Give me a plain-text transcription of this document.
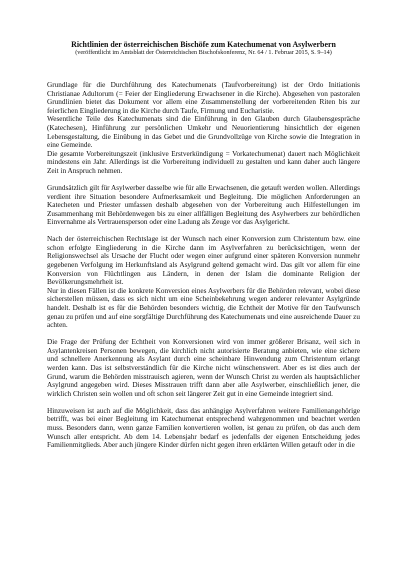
Richtlinien der österreichischen Bischöfe zum Katechumenat von Asylwerbern
(veröffentlicht im Amtsblatt der Österreichischen Bischofskonferenz, Nr. 64 / 1. Februar 2015, S. 9–14)
Grundlage für die Durchführung des Katechumenats (Taufvorbereitung) ist der Ordo Initiationis Christianae Adultorum (= Feier der Eingliederung Erwachsener in die Kirche). Abgesehen von pastoralen Grundlinien bietet das Dokument vor allem eine Zusammenstellung der vorbereitenden Riten bis zur feierlichen Eingliederung in die Kirche durch Taufe, Firmung und Eucharistie.
Wesentliche Teile des Katechumenats sind die Einführung in den Glauben durch Glaubensgespräche (Katechesen), Hinführung zur persönlichen Umkehr und Neuorientierung hinsichtlich der eigenen Lebensgestaltung, die Einübung in das Gebet und die Grundvollzüge von Kirche sowie die Integration in eine Gemeinde.
Die gesamte Vorbereitungszeit (inklusive Erstverkündigung = Vorkatechumenat) dauert nach Möglichkeit mindestens ein Jahr. Allerdings ist die Vorbereitung individuell zu gestalten und kann daher auch längere Zeit in Anspruch nehmen.
Grundsätzlich gilt für Asylwerber dasselbe wie für alle Erwachsenen, die getauft werden wollen. Allerdings verdient ihre Situation besondere Aufmerksamkeit und Begleitung. Die möglichen Anforderungen an Katecheten und Priester umfassen deshalb abgesehen von der Vorbereitung auch Hilfestellungen im Zusammenhang mit Behördenwegen bis zu einer allfälligen Begleitung des Asylwerbers zur behördlichen Einvernahme als Vertrauensperson oder eine Ladung als Zeuge vor das Asylgericht.
Nach der österreichischen Rechtslage ist der Wunsch nach einer Konversion zum Christentum bzw. eine schon erfolgte Eingliederung in die Kirche dann im Asylverfahren zu berücksichtigen, wenn der Religionswechsel als Ursache der Flucht oder wegen einer aufgrund einer späteren Konversion nunmehr gegebenen Verfolgung im Herkunftsland als Asylgrund geltend gemacht wird. Das gilt vor allem für eine Konversion von Flüchtlingen aus Ländern, in denen der Islam die dominante Religion der Bevölkerungsmehrheit ist.
Nur in diesen Fällen ist die konkrete Konversion eines Asylwerbers für die Behörden relevant, wobei diese sicherstellen müssen, dass es sich nicht um eine Scheinbekehrung wegen anderer relevanter Asylgründe handelt. Deshalb ist es für die Behörden besonders wichtig, die Echtheit der Motive für den Taufwunsch genau zu prüfen und auf eine sorgfältige Durchführung des Katechumenats und eine ausreichende Dauer zu achten.
Die Frage der Prüfung der Echtheit von Konversionen wird von immer größerer Brisanz, weil sich in Asylantenkreisen Personen bewegen, die kirchlich nicht autorisierte Beratung anbieten, wie eine sichere und schnellere Anerkennung als Asylant durch eine scheinbare Hinwendung zum Christentum erlangt werden kann. Das ist selbstverständlich für die Kirche nicht wünschenswert. Aber es ist dies auch der Grund, warum die Behörden misstrauisch agieren, wenn der Wunsch Christ zu werden als hauptsächlicher Asylgrund angegeben wird. Dieses Misstrauen trifft dann aber alle Asylwerber, einschließlich jener, die wirklich Christen sein wollen und oft schon seit längerer Zeit gut in eine Gemeinde integriert sind.
Hinzuweisen ist auch auf die Möglichkeit, dass das anhängige Asylverfahren weitere Familienangehörige betrifft, was bei einer Begleitung im Katechumenat entsprechend wahrgenommen und beachtet werden muss. Besonders dann, wenn ganze Familien konvertieren wollen, ist genau zu prüfen, ob das auch dem Wunsch aller entspricht. Ab dem 14. Lebensjahr bedarf es jedenfalls der eigenen Entscheidung jedes Familienmitglieds. Aber auch jüngere Kinder dürfen nicht gegen ihren erklärten Willen getauft oder in die
